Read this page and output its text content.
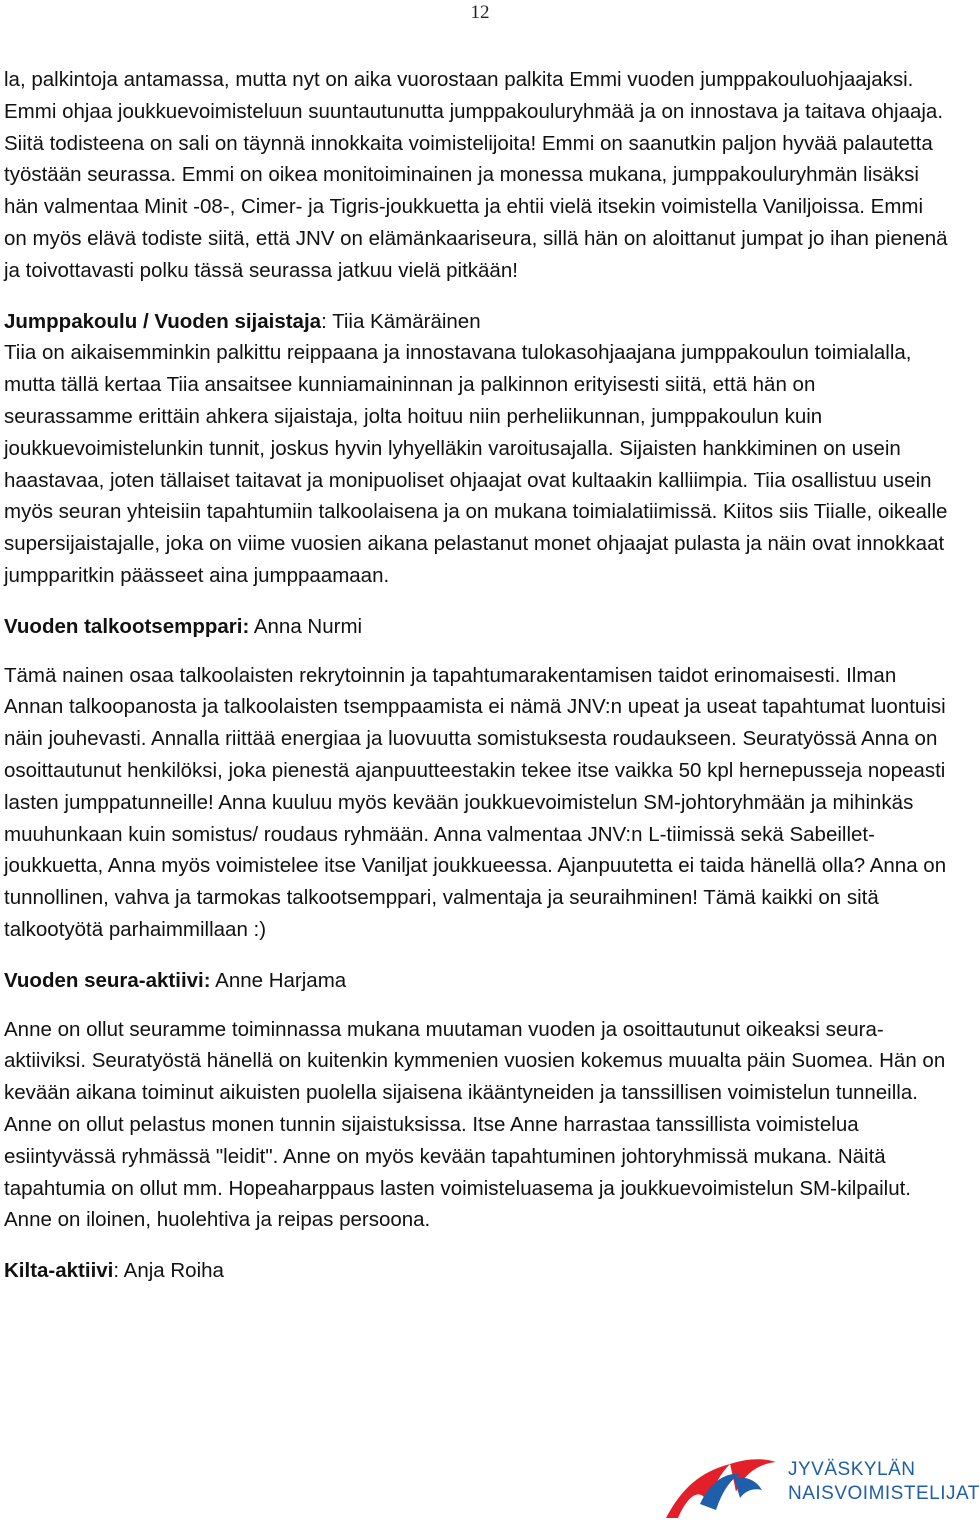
12

la, palkintoja antamassa, mutta nyt on aika vuorostaan palkita Emmi vuoden jumppakouluohjaajaksi. Emmi ohjaa joukkuevoimisteluun suuntautunutta jumppakouluryhmää ja on innostava ja taitava ohjaaja. Siitä todisteena on sali on täynnä innokkaita voimistelijoita! Emmi on saanutkin paljon hyvää palautetta työstään seurassa. Emmi on oikea monitoiminainen ja monessa mukana, jumppakouluryhmän lisäksi hän valmentaa Minit -08-, Cimer- ja Tigris-joukkuetta ja ehtii vielä itsekin voimistella Vaniljoissa. Emmi on myös elävä todiste siitä, että JNV on elämänkaariseura, sillä hän on aloittanut jumpat jo ihan pienenä ja toivottavasti polku tässä seurassa jatkuu vielä pitkään!

Jumppakoulu / Vuoden sijaistaja: Tiia Kämäräinen

Tiia on aikaisemminkin palkittu reippaana ja innostavana tulokasohjaajana jumppakoulun toimialalla, mutta tällä kertaa Tiia ansaitsee kunniamaininnan ja palkinnon erityisesti siitä, että hän on seurassamme erittäin ahkera sijaistaja, jolta hoituu niin perheliikunnan, jumppakoulun kuin joukkuevoimistelunkin tunnit, joskus hyvin lyhyelläkin varoitusajalla. Sijaisten hankkiminen on usein haastavaa, joten tällaiset taitavat ja monipuoliset ohjaajat ovat kultaakin kalliimpia. Tiia osallistuu usein myös seuran yhteisiin tapahtumiin talkoolaisena ja on mukana toimialatiimissä. Kiitos siis Tiialle, oikealle supersijaistajalle, joka on viime vuosien aikana pelastanut monet ohjaajat pulasta ja näin ovat innokkaat jumpparitkin päässeet aina jumppaamaan.

Vuoden talkootsemppari: Anna Nurmi

Tämä nainen osaa talkoolaisten rekrytoinnin ja tapahtumarakentamisen taidot erinomaisesti. Ilman Annan talkoopanosta ja talkoolaisten tsemppaamista ei nämä JNV:n upeat ja useat tapahtumat luontuisi näin jouhevasti. Annalla riittää energiaa ja luovuutta somistuksesta roudaukseen. Seuratyössä Anna on osoittautunut henkilöksi, joka pienestä ajanpuutteestakin tekee itse vaikka 50 kpl hernepusseja nopeasti lasten jumppatunneille! Anna kuuluu myös kevään joukkuevoimistelun SM-johtoryhmään ja mihinkäs muuhunkaan kuin somistus/ roudaus ryhmään. Anna valmentaa JNV:n L-tiimissä sekä Sabeillet-joukkuetta, Anna myös voimistelee itse Vaniljat joukkueessa. Ajanpuutetta ei taida hänellä olla? Anna on tunnollinen, vahva ja tarmokas talkootsemppari, valmentaja ja seuraihminen! Tämä kaikki on sitä talkootyötä parhaimmillaan :)

Vuoden seura-aktiivi: Anne Harjama

Anne on ollut seuramme toiminnassa mukana muutaman vuoden ja osoittautunut oikeaksi seura-aktiiviksi. Seuratyöstä hänellä on kuitenkin kymmenien vuosien kokemus muualta päin Suomea. Hän on kevään aikana toiminut aikuisten puolella sijaisena ikääntyneiden ja tanssillisen voimistelun tunneilla. Anne on ollut pelastus monen tunnin sijaistuksissa. Itse Anne harrastaa tanssillista voimistelua esiintyvässä ryhmässä "leidit". Anne on myös kevään tapahtuminen johtoryhmissä mukana. Näitä tapahtumia on ollut mm. Hopeaharppaus lasten voimisteluasema ja joukkuevoimistelun SM-kilpailut. Anne on iloinen, huolehtiva ja reipas persoona.

Kilta-aktiivi: Anja Roiha

JYVÄSKYLÄN
NAISVOIMISTELIJAT
